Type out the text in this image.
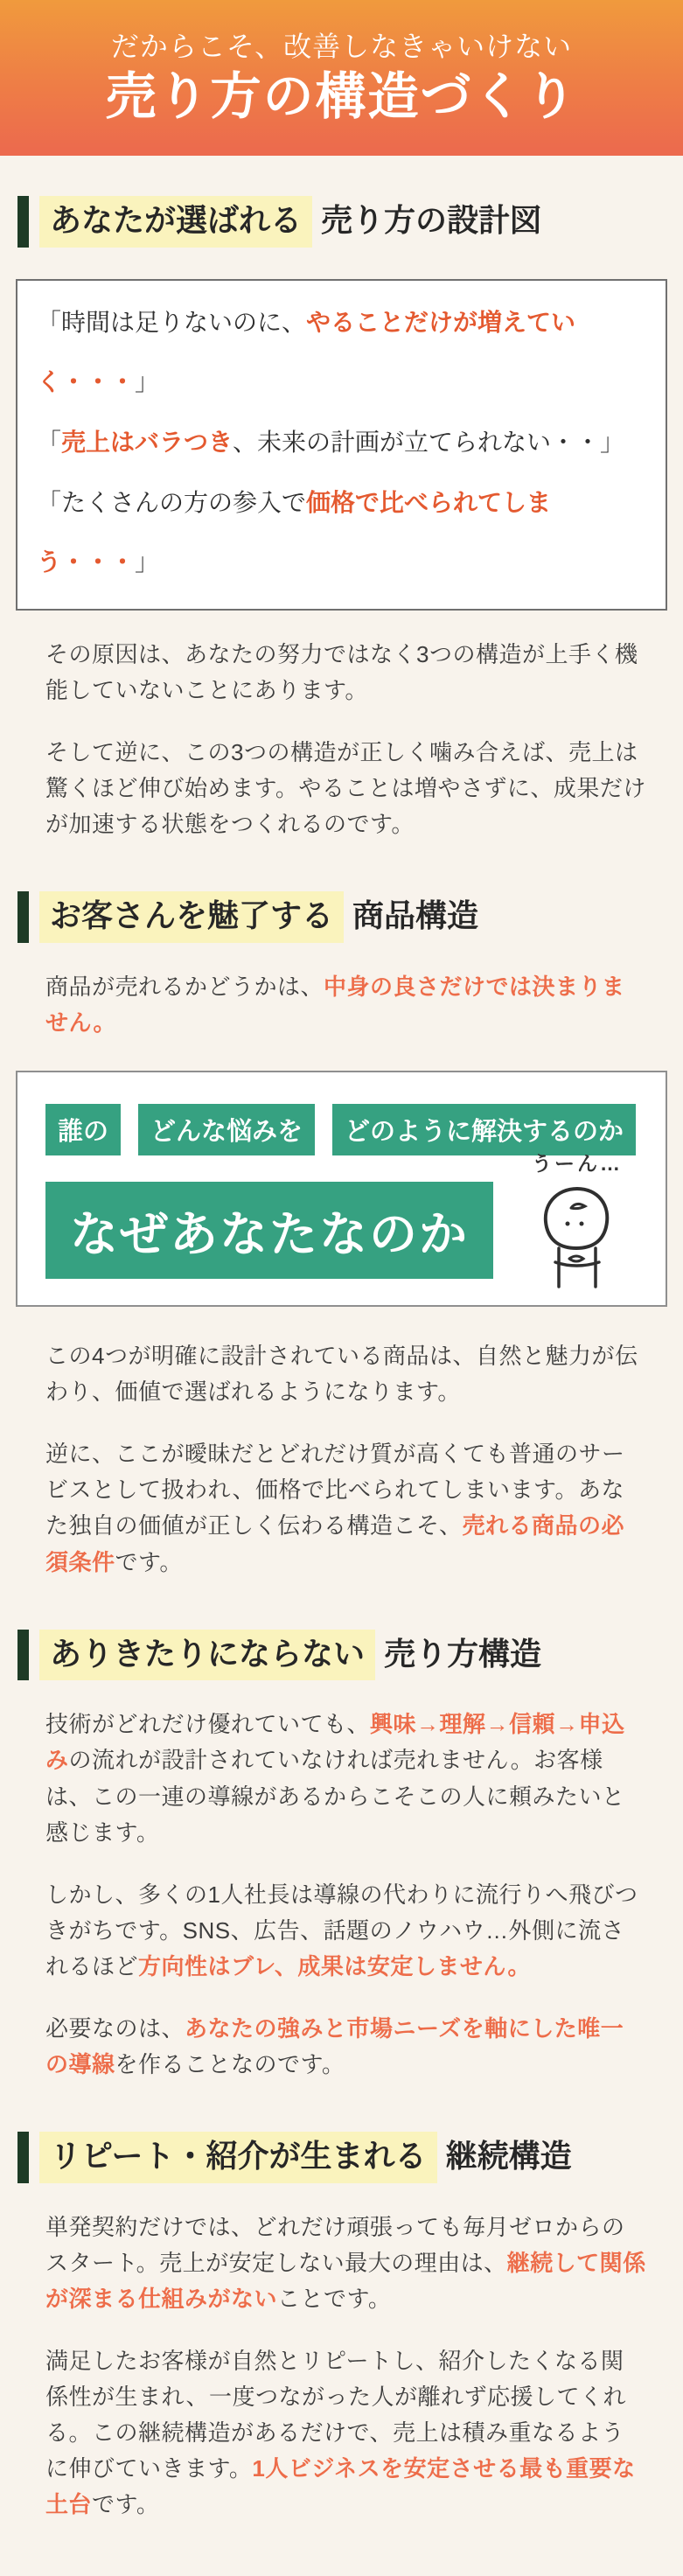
だからこそ、改善しなきゃいけない
売り方の構造づくり
あなたが選ばれる 売り方の設計図
「時間は足りないのに、やることだけが増えていく・・・」
「売上はバラつき、未来の計画が立てられない・・」
「たくさんの方の参入で価格で比べられてしまう・・・」

その原因は、あなたの努力ではなく3つの構造が上手く機能していないことにあります。

そして逆に、この3つの構造が正しく噛み合えば、売上は驚くほど伸び始めます。やることは増やさずに、成果だけが加速する状態をつくれるのです。

お客さんを魅了する 商品構造

商品が売れるかどうかは、中身の良さだけでは決まりません。

誰の	どんな悩みを	どのように解決するのか
なぜあなたなのか
うーん…

この4つが明確に設計されている商品は、自然と魅力が伝わり、価値で選ばれるようになります。

逆に、ここが曖昧だとどれだけ質が高くても普通のサービスとして扱われ、価格で比べられてしまいます。あなた独自の価値が正しく伝わる構造こそ、売れる商品の必須条件です。

ありきたりにならない 売り方構造

技術がどれだけ優れていても、興味→理解→信頼→申込みの流れが設計されていなければ売れません。お客様は、この一連の導線があるからこそこの人に頼みたいと感じます。

しかし、多くの1人社長は導線の代わりに流行りへ飛びつきがちです。SNS、広告、話題のノウハウ…外側に流されるほど方向性はブレ、成果は安定しません。

必要なのは、あなたの強みと市場ニーズを軸にした唯一の導線を作ることなのです。

リピート・紹介が生まれる 継続構造

単発契約だけでは、どれだけ頑張っても毎月ゼロからのスタート。売上が安定しない最大の理由は、継続して関係が深まる仕組みがないことです。

満足したお客様が自然とリピートし、紹介したくなる関係性が生まれ、一度つながった人が離れず応援してくれる。この継続構造があるだけで、売上は積み重なるように伸びていきます。1人ビジネスを安定させる最も重要な土台です。
